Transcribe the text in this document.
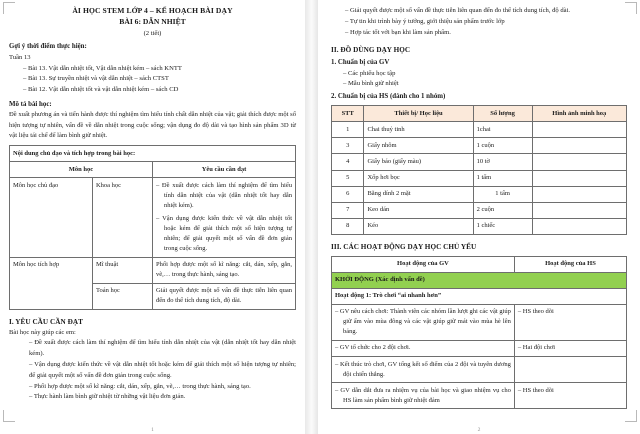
ÀI HỌC STEM LỚP 4 – KẾ HOẠCH BÀI DẠY
BÀI 6: DẪN NHIỆT
(2 tiết)
Gợi ý thời điểm thực hiện:
Tuần 13
– Bài 13. Vật dẫn nhiệt tốt, Vật dẫn nhiệt kém – sách KNTT
– Bài 13. Sự truyền nhiệt và vật dẫn nhiệt – sách CTST
– Bài 12. Vật dẫn nhiệt tốt và vật dẫn nhiệt kém – sách CD
Mô tả bài học:
Đề xuất phương án và tiến hành được thí nghiệm tìm hiểu tính chất dẫn nhiệt của vật; giải thích được một số hiện tượng tự nhiên, vấn đề về dẫn nhiệt trong cuộc sống; vận dụng đo độ dài và tạo hình sản phẩm 3D từ vật liệu tái chế để làm bình giữ nhiệt.
Nội dung chủ đạo và tích hợp trong bài học:		
Môn học		Yêu cầu cần đạt
Môn học chủ đạo	Khoa học	– Đề xuất được cách làm thí nghiệm để tìm hiểu tính dẫn nhiệt của vật (dẫn nhiệt tốt hay dẫn nhiệt kém).
– Vận dụng được kiến thức về vật dẫn nhiệt tốt hoặc kém để giải thích một số hiện tượng tự nhiên; để giải quyết một số vấn đề đơn giản trong cuộc sống.

Môn học tích hợp	Mĩ thuật	Phối hợp được một số kĩ năng: cắt, dán, xếp, gắn, vẽ,… trong thực hành, sáng tạo.
	Toán học	Giải quyết được một số vấn đề thực tiễn liên quan đến đo thể tích dung tích, độ dài.
I. YÊU CẦU CẦN ĐẠT
Bài học này giúp các em:
– Đề xuất được cách làm thí nghiệm để tìm hiểu tính dẫn nhiệt của vật (dẫn nhiệt tốt hay dẫn nhiệt kém).
– Vận dụng được kiến thức về vật dẫn nhiệt tốt hoặc kém để giải thích một số hiện tượng tự nhiên; để giải quyết một số vấn đề đơn giản trong cuộc sống.
– Phối hợp được một số kĩ năng: cắt, dán, xếp, gắn, vẽ,… trong thực hành, sáng tạo.
– Thực hành làm bình giữ nhiệt từ những vật liệu đơn giản.
1
– Giải quyết được một số vấn đề thực tiễn liên quan đến đo thể tích dung tích, độ dài.
– Tự tin khi trình bày ý tưởng, giới thiệu sản phẩm trước lớp
– Hợp tác tốt với bạn khi làm sản phẩm.
II. ĐỒ DÙNG DẠY HỌC
1. Chuẩn bị của GV
– Các phiếu học tập
– Mẫu bình giữ nhiệt
2. Chuẩn bị của HS (dành cho 1 nhóm)
STT	Thiết bị/ Học liệu	Số lượng	Hình ảnh minh hoạ
1	Chai thuỷ tinh	1chai	
3	Giấy nhôm	1 cuộn	
4	Giấy báo (giấy màu)	10 tờ	
5	Xốp hơi bọc	1 tấm	
6	Băng dính 2 mặt	1 tấm	
7	Keo dán	2 cuộn	
8	Kéo	1 chiếc	
III. CÁC HOẠT ĐỘNG DẠY HỌC CHỦ YẾU
Hoạt động của GV	Hoạt động của HS
KHỞI ĐỘNG (Xác định vấn đề)	
Hoạt động 1: Trò chơi “ai nhanh hơn”	

– GV nêu cách chơi: Thành viên các nhóm lần lượt ghi các vật giúp giữ ấm vào mùa đông và các vật giúp giữ mát vào mùa hè lên bảng.	– HS theo dõi
– GV tổ chức cho 2 đội chơi.	– Hai đội chơi

– Kết thúc trò chơi, GV tổng kết số điểm của 2 đội và tuyên dương đội chiến thắng.	

– GV dẫn dắt đưa ra nhiệm vụ của bài học và giao nhiệm vụ cho HS làm sản phẩm bình giữ nhiệt đảm	– HS theo dõi
2
